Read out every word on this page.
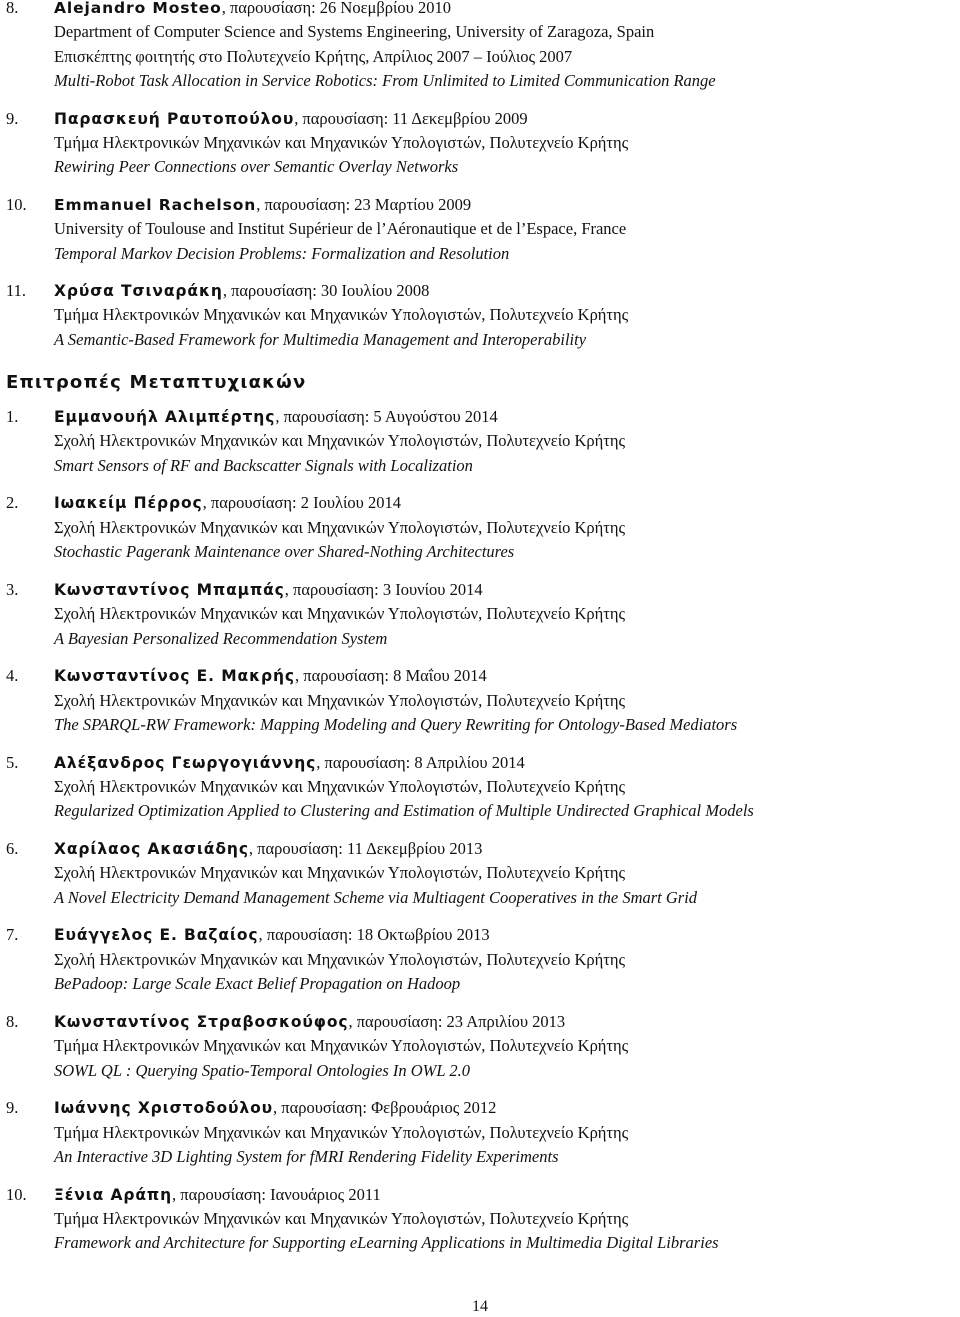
8. Alejandro Mosteo, παρουσίαση: 26 Νοεμβρίου 2010
Department of Computer Science and Systems Engineering, University of Zaragoza, Spain
Επισκέπτης φοιτητής στο Πολυτεχνείο Κρήτης, Απρίλιος 2007 – Ιούλιος 2007
Multi-Robot Task Allocation in Service Robotics: From Unlimited to Limited Communication Range
9. Παρασκευή Ραυτοπούλου, παρουσίαση: 11 Δεκεμβρίου 2009
Τμήμα Ηλεκτρονικών Μηχανικών και Μηχανικών Υπολογιστών, Πολυτεχνείο Κρήτης
Rewiring Peer Connections over Semantic Overlay Networks
10. Emmanuel Rachelson, παρουσίαση: 23 Μαρτίου 2009
University of Toulouse and Institut Supérieur de l’Aéronautique et de l’Espace, France
Temporal Markov Decision Problems: Formalization and Resolution
11. Χρύσα Τσιναράκη, παρουσίαση: 30 Ιουλίου 2008
Τμήμα Ηλεκτρονικών Μηχανικών και Μηχανικών Υπολογιστών, Πολυτεχνείο Κρήτης
A Semantic-Based Framework for Multimedia Management and Interoperability
Επιτροπές Μεταπτυχιακών
1. Εμμανουήλ Αλιμπέρτης, παρουσίαση: 5 Αυγούστου 2014
Σχολή Ηλεκτρονικών Μηχανικών και Μηχανικών Υπολογιστών, Πολυτεχνείο Κρήτης
Smart Sensors of RF and Backscatter Signals with Localization
2. Ιωακείμ Πέρρος, παρουσίαση: 2 Ιουλίου 2014
Σχολή Ηλεκτρονικών Μηχανικών και Μηχανικών Υπολογιστών, Πολυτεχνείο Κρήτης
Stochastic Pagerank Maintenance over Shared-Nothing Architectures
3. Κωνσταντίνος Μπαμπάς, παρουσίαση: 3 Ιουνίου 2014
Σχολή Ηλεκτρονικών Μηχανικών και Μηχανικών Υπολογιστών, Πολυτεχνείο Κρήτης
A Bayesian Personalized Recommendation System
4. Κωνσταντίνος Ε. Μακρής, παρουσίαση: 8 Μαΐου 2014
Σχολή Ηλεκτρονικών Μηχανικών και Μηχανικών Υπολογιστών, Πολυτεχνείο Κρήτης
The SPARQL-RW Framework: Mapping Modeling and Query Rewriting for Ontology-Based Mediators
5. Αλέξανδρος Γεωργογιάννης, παρουσίαση: 8 Απριλίου 2014
Σχολή Ηλεκτρονικών Μηχανικών και Μηχανικών Υπολογιστών, Πολυτεχνείο Κρήτης
Regularized Optimization Applied to Clustering and Estimation of Multiple Undirected Graphical Models
6. Χαρίλαος Ακασιάδης, παρουσίαση: 11 Δεκεμβρίου 2013
Σχολή Ηλεκτρονικών Μηχανικών και Μηχανικών Υπολογιστών, Πολυτεχνείο Κρήτης
A Novel Electricity Demand Management Scheme via Multiagent Cooperatives in the Smart Grid
7. Ευάγγελος Ε. Βαζαίος, παρουσίαση: 18 Οκτωβρίου 2013
Σχολή Ηλεκτρονικών Μηχανικών και Μηχανικών Υπολογιστών, Πολυτεχνείο Κρήτης
BePadoop: Large Scale Exact Belief Propagation on Hadoop
8. Κωνσταντίνος Στραβοσκούφος, παρουσίαση: 23 Απριλίου 2013
Τμήμα Ηλεκτρονικών Μηχανικών και Μηχανικών Υπολογιστών, Πολυτεχνείο Κρήτης
SOWL QL : Querying Spatio-Temporal Ontologies In OWL 2.0
9. Ιωάννης Χριστοδούλου, παρουσίαση: Φεβρουάριος 2012
Τμήμα Ηλεκτρονικών Μηχανικών και Μηχανικών Υπολογιστών, Πολυτεχνείο Κρήτης
An Interactive 3D Lighting System for fMRI Rendering Fidelity Experiments
10. Ξένια Αράπη, παρουσίαση: Ιανουάριος 2011
Τμήμα Ηλεκτρονικών Μηχανικών και Μηχανικών Υπολογιστών, Πολυτεχνείο Κρήτης
Framework and Architecture for Supporting eLearning Applications in Multimedia Digital Libraries
14
